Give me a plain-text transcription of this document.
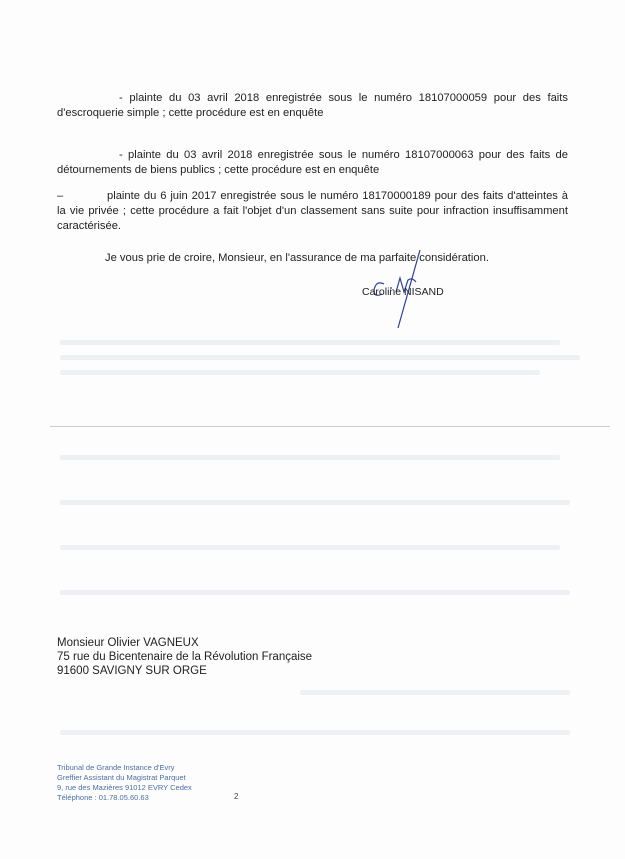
- plainte du 03 avril 2018 enregistrée sous le numéro 18107000059 pour des faits d'escroquerie simple ; cette procédure est en enquête
- plainte du 03 avril 2018 enregistrée sous le numéro 18107000063 pour des faits de détournements de biens publics ; cette procédure est en enquête
–	plainte du 6 juin 2017 enregistrée sous le numéro 18170000189 pour des faits d'atteintes à la vie privée ; cette procédure a fait l'objet d'un classement sans suite pour infraction insuffisamment caractérisée.
Je vous prie de croire, Monsieur, en l'assurance de ma parfaite considération.
Caroline NISAND
Monsieur Olivier VAGNEUX
75 rue du Bicentenaire de la Révolution Française
91600 SAVIGNY SUR ORGE
Tribunal de Grande Instance d'Evry
Greffier Assistant du Magistrat Parquet
9, rue des Mazières 91012 EVRY Cedex
Téléphone : 01.78.05.60.63	2
